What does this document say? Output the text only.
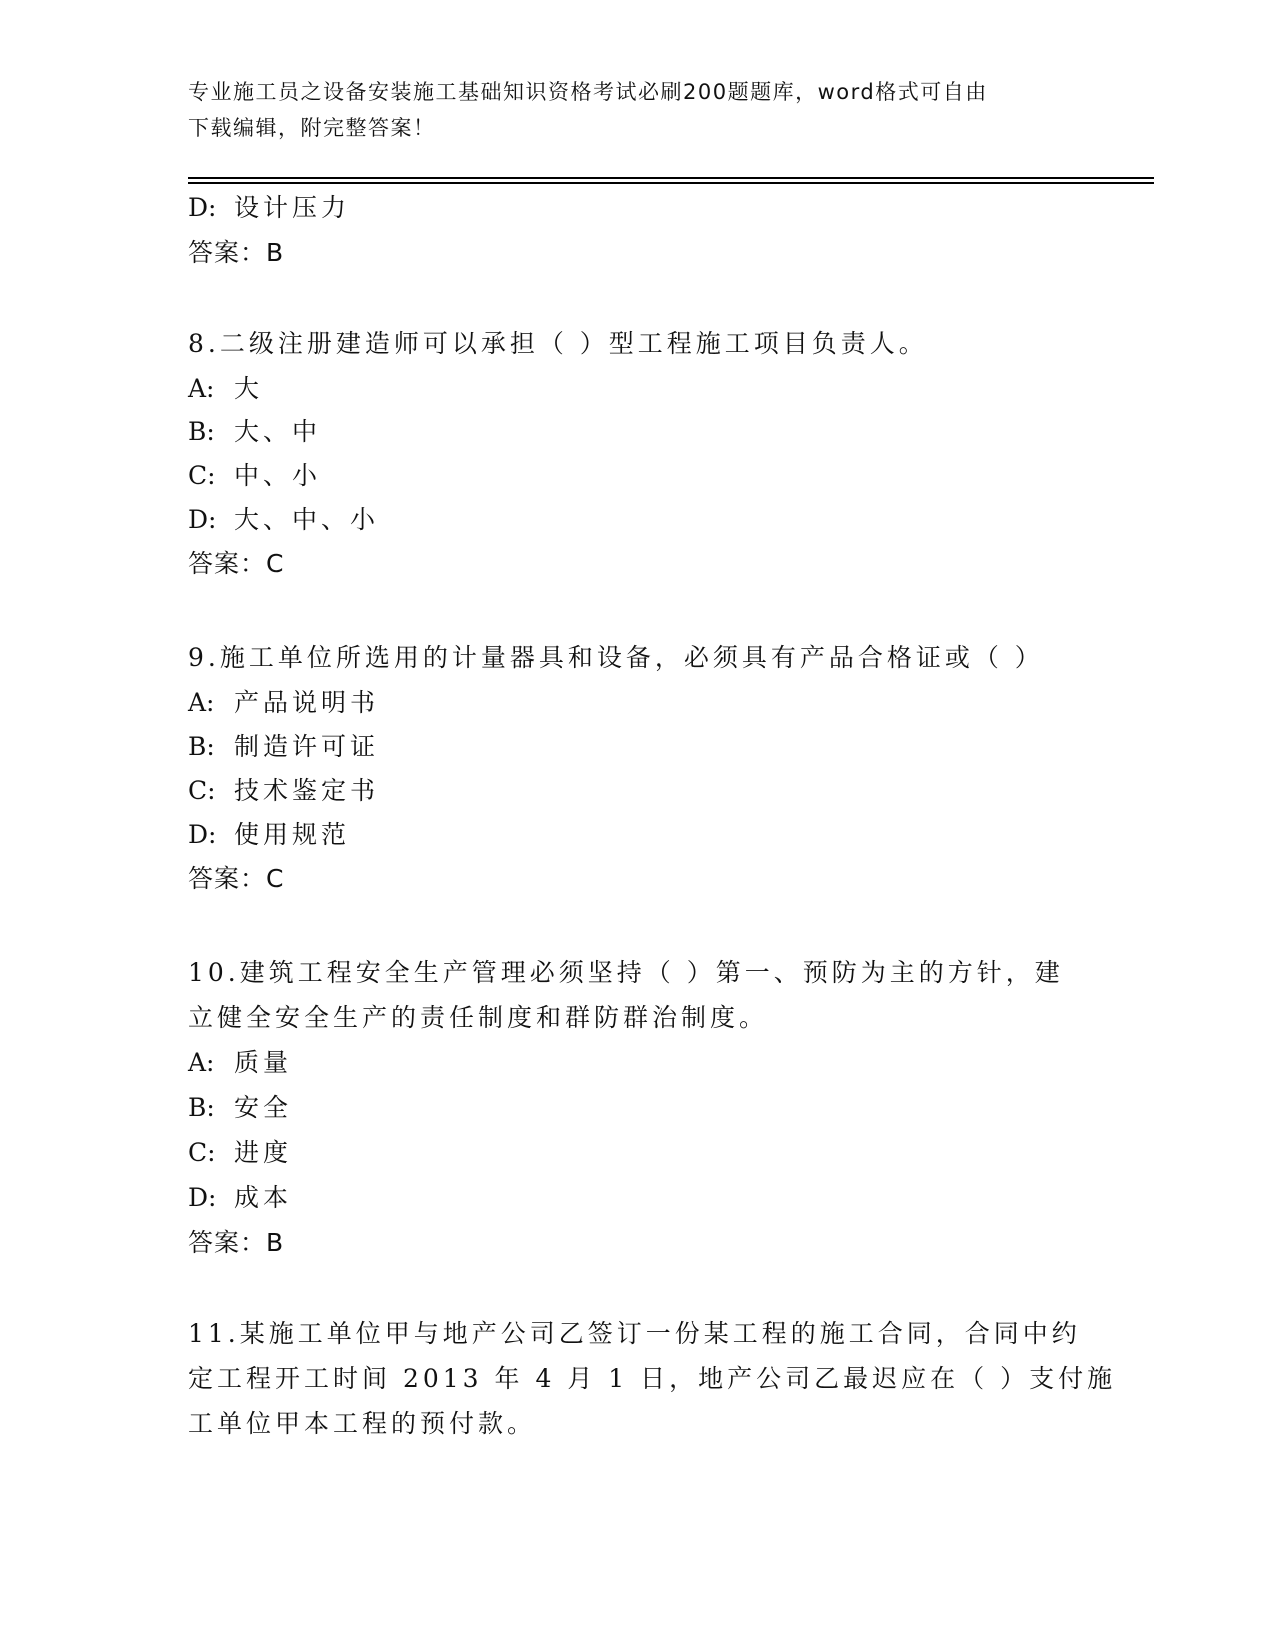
专业施工员之设备安装施工基础知识资格考试必刷200题题库，word格式可自由
下载编辑，附完整答案！
D: 设计压力
答案：B
8.二级注册建造师可以承担（ ）型工程施工项目负责人。
A: 大
B: 大、中
C: 中、小
D: 大、中、小
答案：C
9.施工单位所选用的计量器具和设备，必须具有产品合格证或（ ）
A: 产品说明书
B: 制造许可证
C: 技术鉴定书
D: 使用规范
答案：C
10.建筑工程安全生产管理必须坚持（ ）第一、预防为主的方针，建
立健全安全生产的责任制度和群防群治制度。
A: 质量
B: 安全
C: 进度
D: 成本
答案：B
11.某施工单位甲与地产公司乙签订一份某工程的施工合同，合同中约
定工程开工时间 2013 年 4 月 1 日，地产公司乙最迟应在（ ）支付施
工单位甲本工程的预付款。
